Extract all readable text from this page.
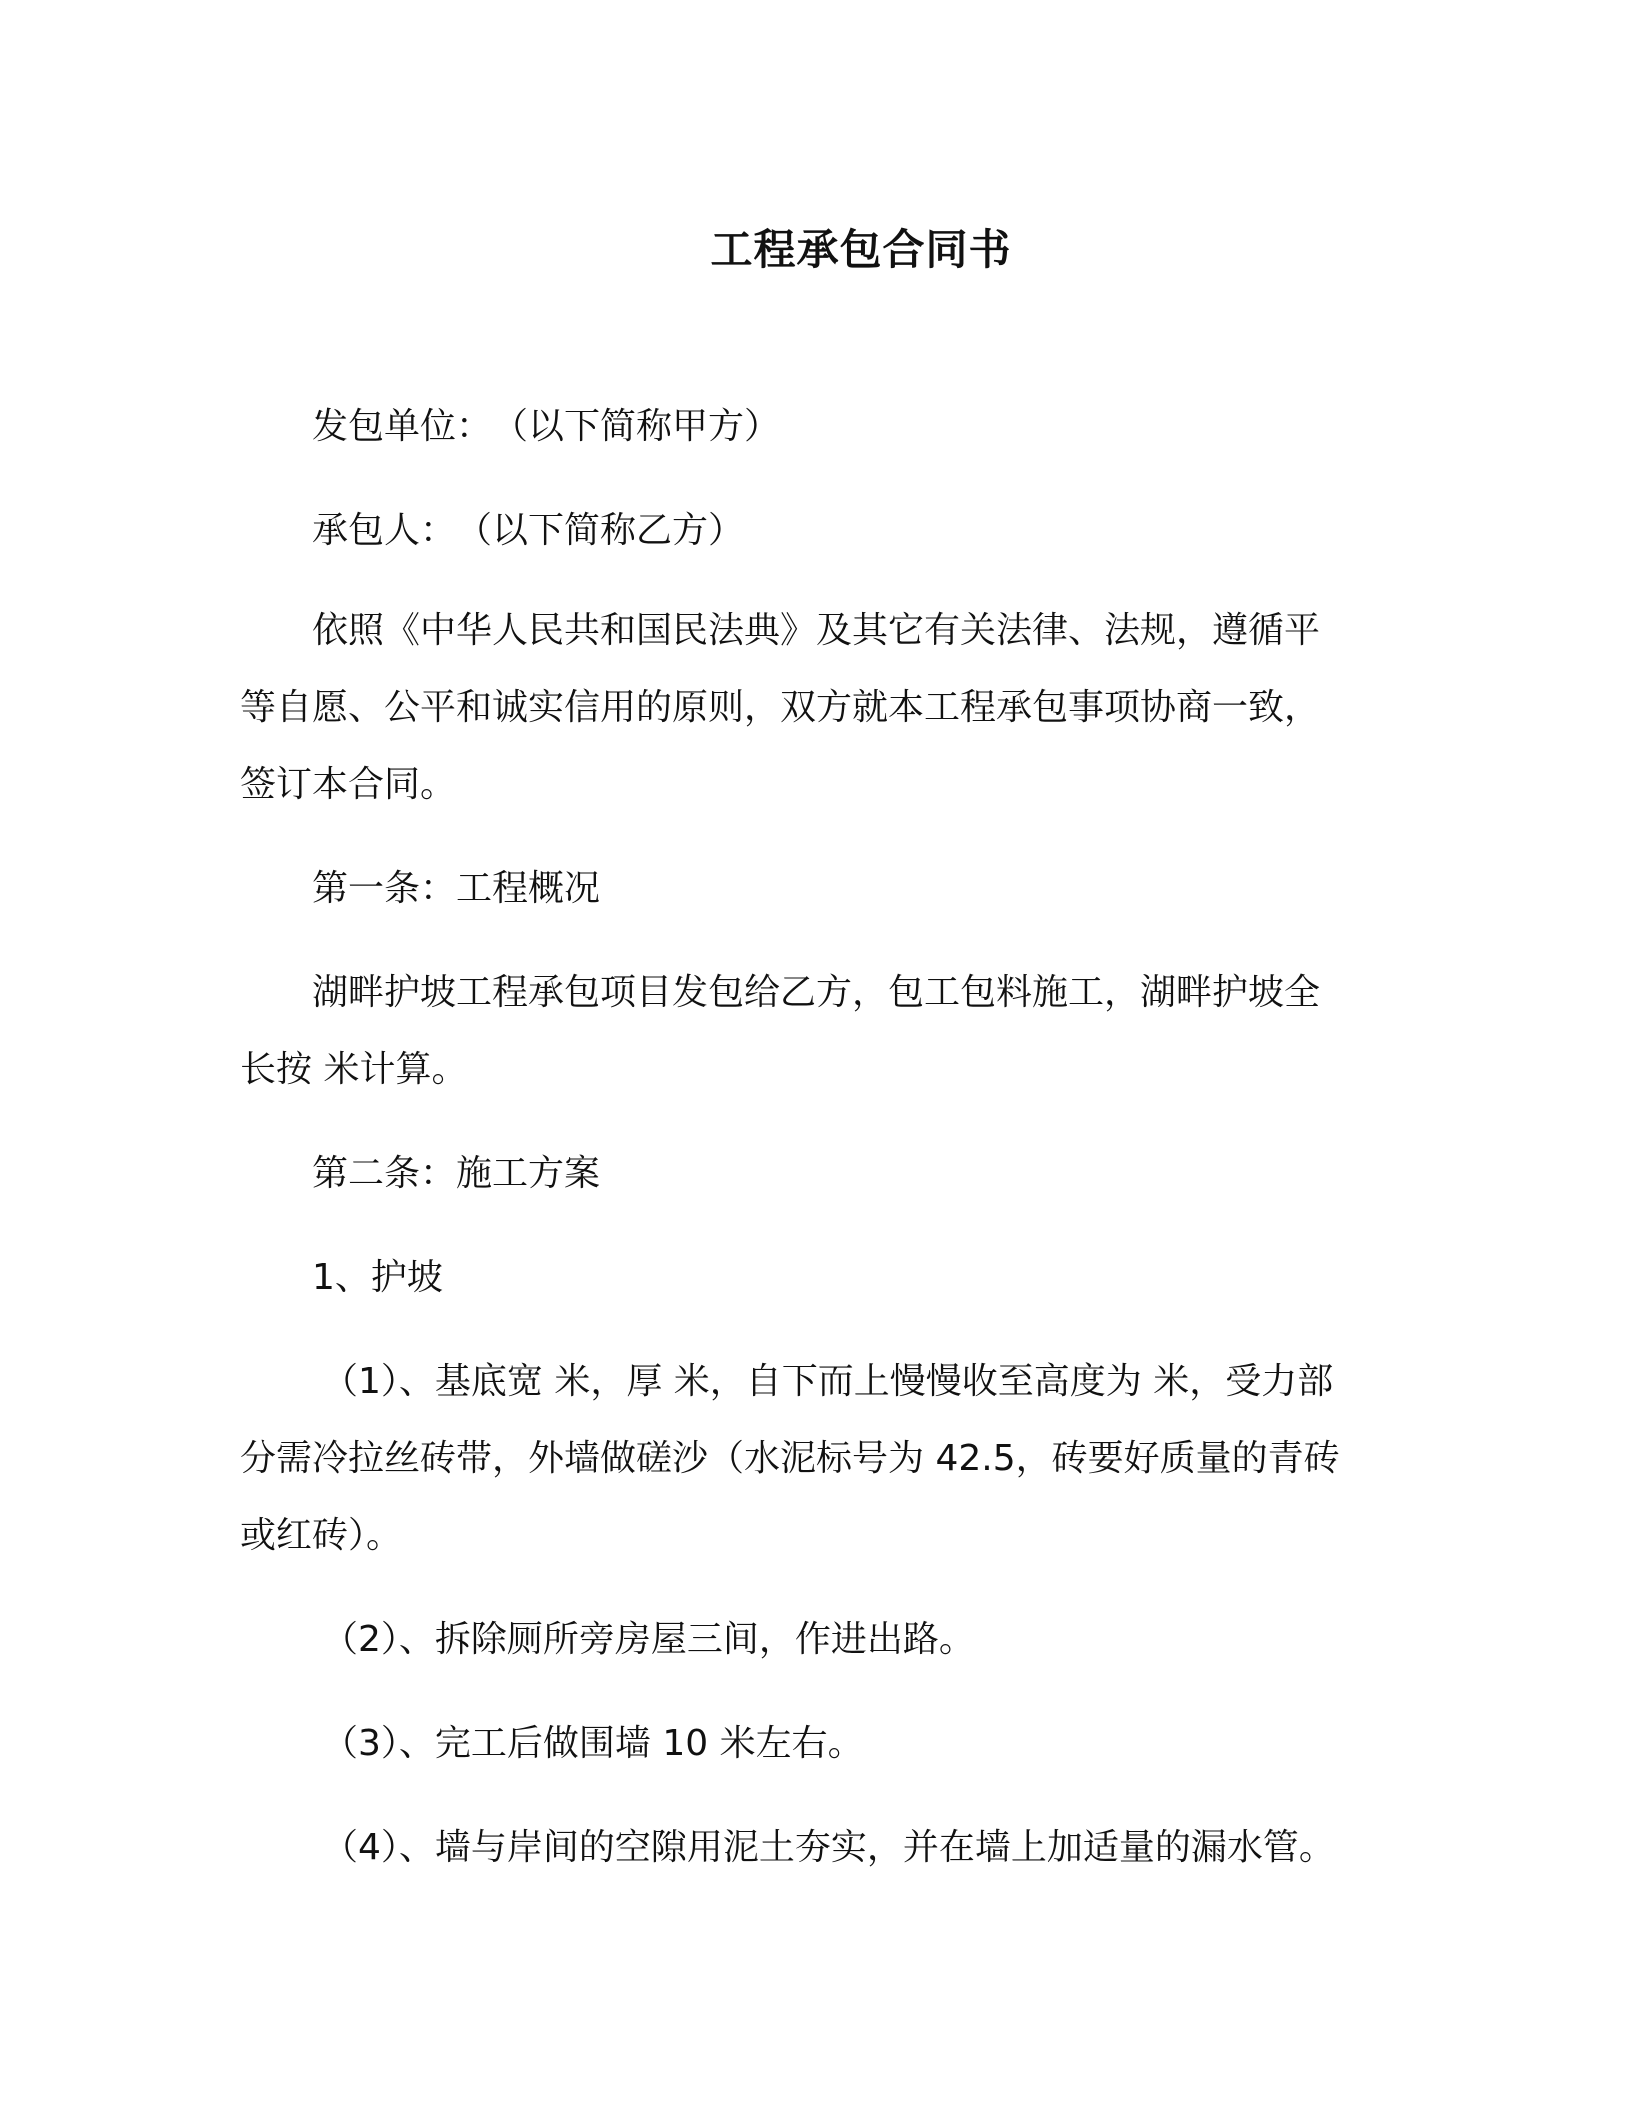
工程承包合同书
发包单位：　（以下简称甲方）
承包人：　（以下简称乙方）
依照《中华人民共和国民法典》及其它有关法律、法规，遵循平
等自愿、公平和诚实信用的原则，双方就本工程承包事项协商一致，
签订本合同。
第一条：工程概况
湖畔护坡工程承包项目发包给乙方，包工包料施工，湖畔护坡全
长按 米计算。
第二条：施工方案
1、护坡
（1）、基底宽 米，厚 米，自下而上慢慢收至高度为 米，受力部
分需冷拉丝砖带，外墙做磋沙（水泥标号为 42.5，砖要好质量的青砖
或红砖）。
（2）、拆除厕所旁房屋三间，作进出路。
（3）、完工后做围墙 10 米左右。
（4）、墙与岸间的空隙用泥土夯实，并在墙上加适量的漏水管。
